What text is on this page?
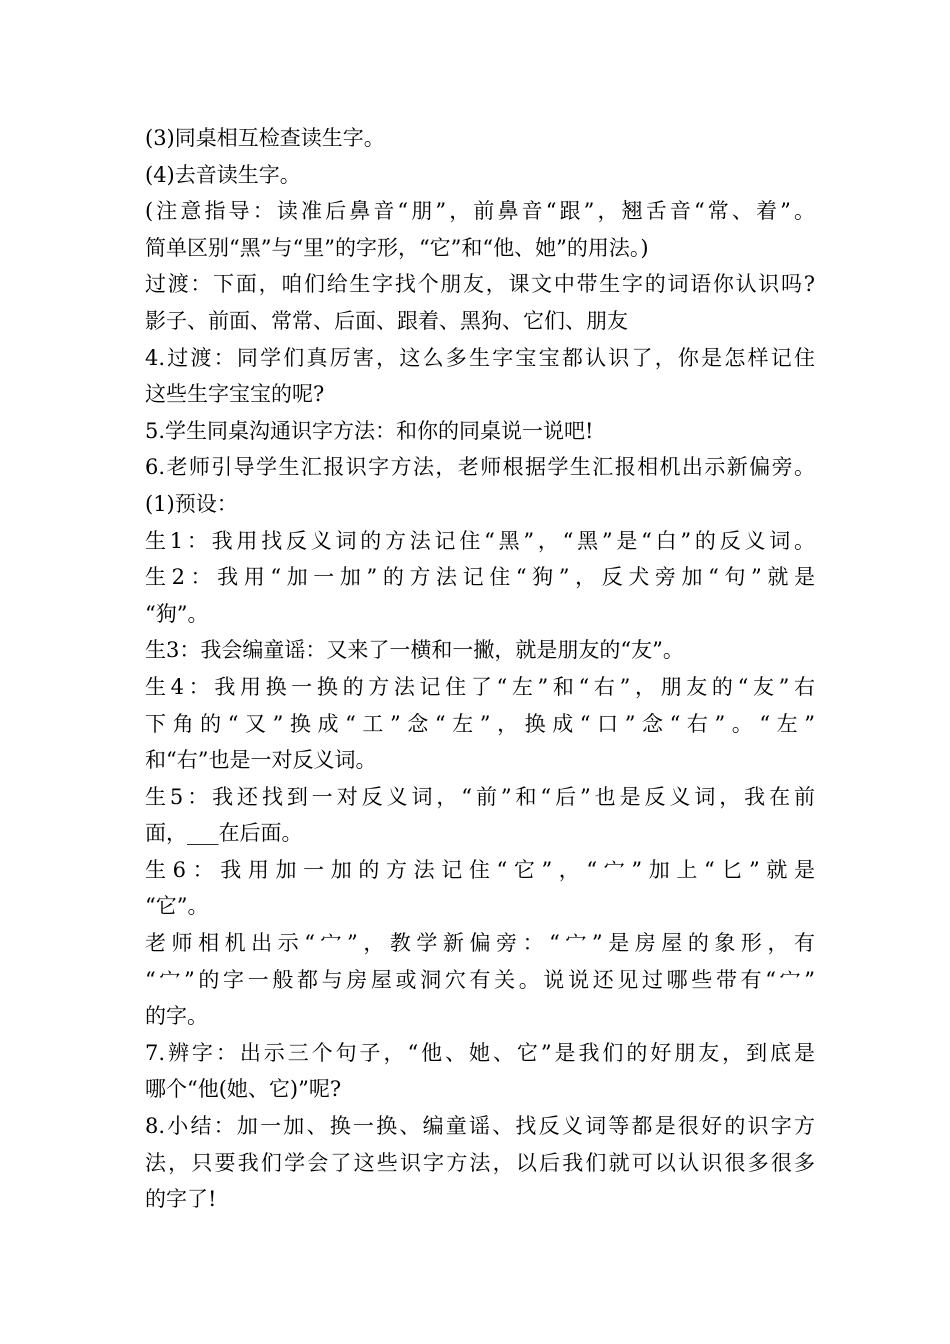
(3)同桌相互检查读生字。
(4)去音读生字。
(注意指导：读准后鼻音“朋”，前鼻音“跟”，翘舌音“常、着”。
简单区别“黑”与“里”的字形，“它”和“他、她”的用法。)
过渡：下面，咱们给生字找个朋友，课文中带生字的词语你认识吗?
影子、前面、常常、后面、跟着、黑狗、它们、朋友
4.过渡：同学们真厉害，这么多生字宝宝都认识了，你是怎样记住
这些生字宝宝的呢?
5.学生同桌沟通识字方法：和你的同桌说一说吧!
6.老师引导学生汇报识字方法，老师根据学生汇报相机出示新偏旁。
(1)预设：
生1：我用找反义词的方法记住“黑”，“黑”是“白”的反义词。
生2：我用“加一加”的方法记住“狗”，反犬旁加“句”就是
“狗”。
生3：我会编童谣：又来了一横和一撇，就是朋友的“友”。
生4：我用换一换的方法记住了“左”和“右”，朋友的“友”右
下角的“又”换成“工”念“左”，换成“口”念“右”。“左”
和“右”也是一对反义词。
生5：我还找到一对反义词，“前”和“后”也是反义词，我在前
面，___在后面。
生6：我用加一加的方法记住“它”，“宀”加上“匕”就是
“它”。
老师相机出示“宀”，教学新偏旁：“宀”是房屋的象形，有
“宀”的字一般都与房屋或洞穴有关。说说还见过哪些带有“宀”
的字。
7.辨字：出示三个句子，“他、她、它”是我们的好朋友，到底是
哪个“他(她、它)”呢?
8.小结：加一加、换一换、编童谣、找反义词等都是很好的识字方
法，只要我们学会了这些识字方法，以后我们就可以认识很多很多
的字了!
